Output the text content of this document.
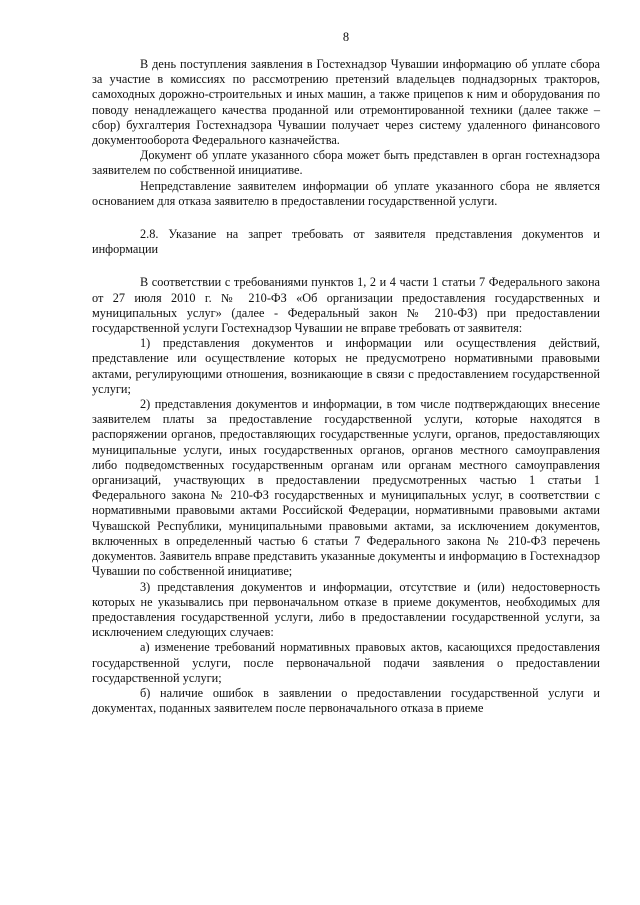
8

В день поступления заявления в Гостехнадзор Чувашии информацию об уплате сбора за участие в комиссиях по рассмотрению претензий владельцев поднадзорных тракторов, самоходных дорожно-строительных и иных машин, а также прицепов к ним и оборудования по поводу ненадлежащего качества проданной или отремонтированной техники (далее также – сбор) бухгалтерия Гостехнадзора Чувашии получает через систему удаленного финансового документооборота Федерального казначейства.

Документ об уплате указанного сбора может быть представлен в орган гостехнадзора заявителем по собственной инициативе.

Непредставление заявителем информации об уплате указанного сбора не является основанием для отказа заявителю в предоставлении государственной услуги.

2.8. Указание на запрет требовать от заявителя представления документов и информации

В соответствии с требованиями пунктов 1, 2 и 4 части 1 статьи 7 Федерального закона от 27 июля 2010 г. № 210-ФЗ «Об организации предоставления государственных и муниципальных услуг» (далее - Федеральный закон № 210-ФЗ) при предоставлении государственной услуги Гостехнадзор Чувашии не вправе требовать от заявителя:

1) представления документов и информации или осуществления действий, представление или осуществление которых не предусмотрено нормативными правовыми актами, регулирующими отношения, возникающие в связи с предоставлением государственной услуги;

2) представления документов и информации, в том числе подтверждающих внесение заявителем платы за предоставление государственной услуги, которые находятся в распоряжении органов, предоставляющих государственные услуги, органов, предоставляющих муниципальные услуги, иных государственных органов, органов местного самоуправления либо подведомственных государственным органам или органам местного самоуправления организаций, участвующих в предоставлении предусмотренных частью 1 статьи 1 Федерального закона № 210-ФЗ государственных и муниципальных услуг, в соответствии с нормативными правовыми актами Российской Федерации, нормативными правовыми актами Чувашской Республики, муниципальными правовыми актами, за исключением документов, включенных в определенный частью 6 статьи 7 Федерального закона № 210-ФЗ перечень документов. Заявитель вправе представить указанные документы и информацию в Гостехнадзор Чувашии по собственной инициативе;

3) представления документов и информации, отсутствие и (или) недостоверность которых не указывались при первоначальном отказе в приеме документов, необходимых для предоставления государственной услуги, либо в предоставлении государственной услуги, за исключением следующих случаев:

а) изменение требований нормативных правовых актов, касающихся предоставления государственной услуги, после первоначальной подачи заявления о предоставлении государственной услуги;

б) наличие ошибок в заявлении о предоставлении государственной услуги и документах, поданных заявителем после первоначального отказа в приеме
